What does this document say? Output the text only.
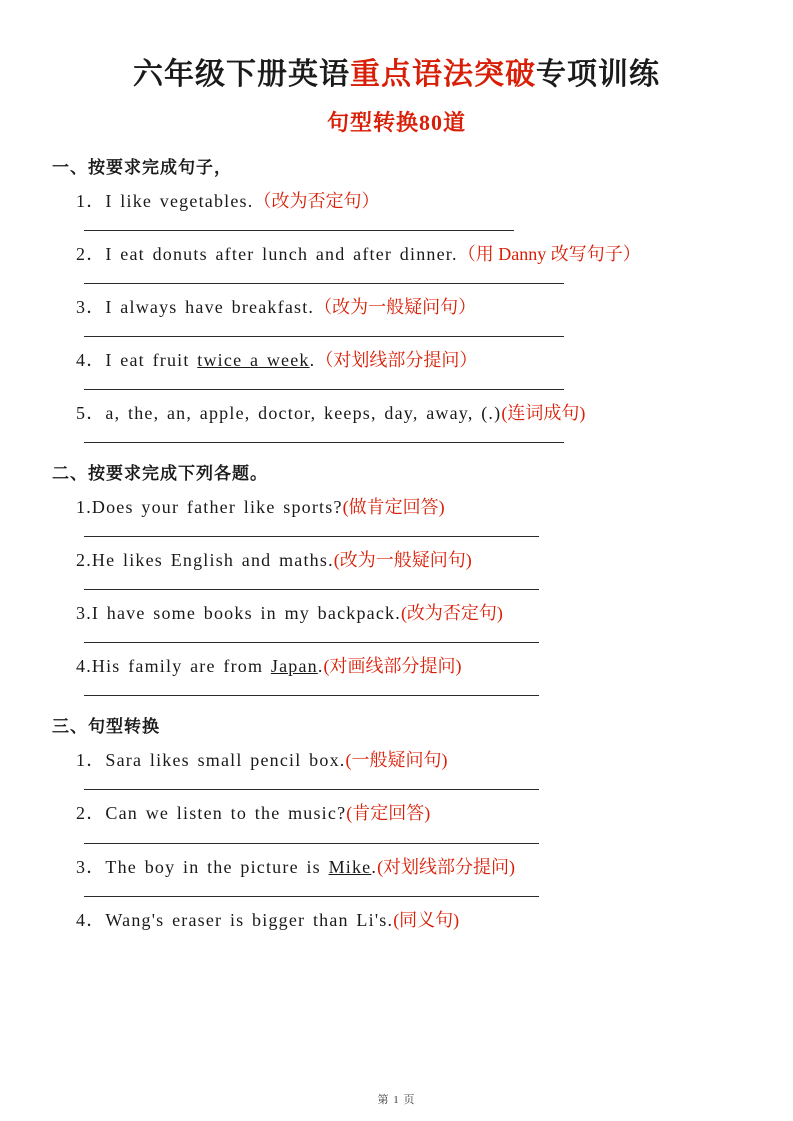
六年级下册英语重点语法突破专项训练
句型转换80道
一、按要求完成句子，
1．I like vegetables.（改为否定句）
2．I eat donuts after lunch and after dinner.（用 Danny 改写句子）
3．I always have breakfast.（改为一般疑问句）
4．I eat fruit twice a week.（对划线部分提问）
5．a, the, an, apple, doctor, keeps, day, away, (.)(连词成句)
二、按要求完成下列各题。
1.Does your father like sports?(做肯定回答)
2.He likes English and maths.(改为一般疑问句)
3.I have some books in my backpack.(改为否定句)
4.His family are from Japan.(对画线部分提问)
三、句型转换
1．Sara likes small pencil box.(一般疑问句)
2．Can we listen to the music?(肯定回答)
3．The boy in the picture is Mike.(对划线部分提问)
4．Wang's eraser is bigger than Li's.(同义句)
第 1 页
